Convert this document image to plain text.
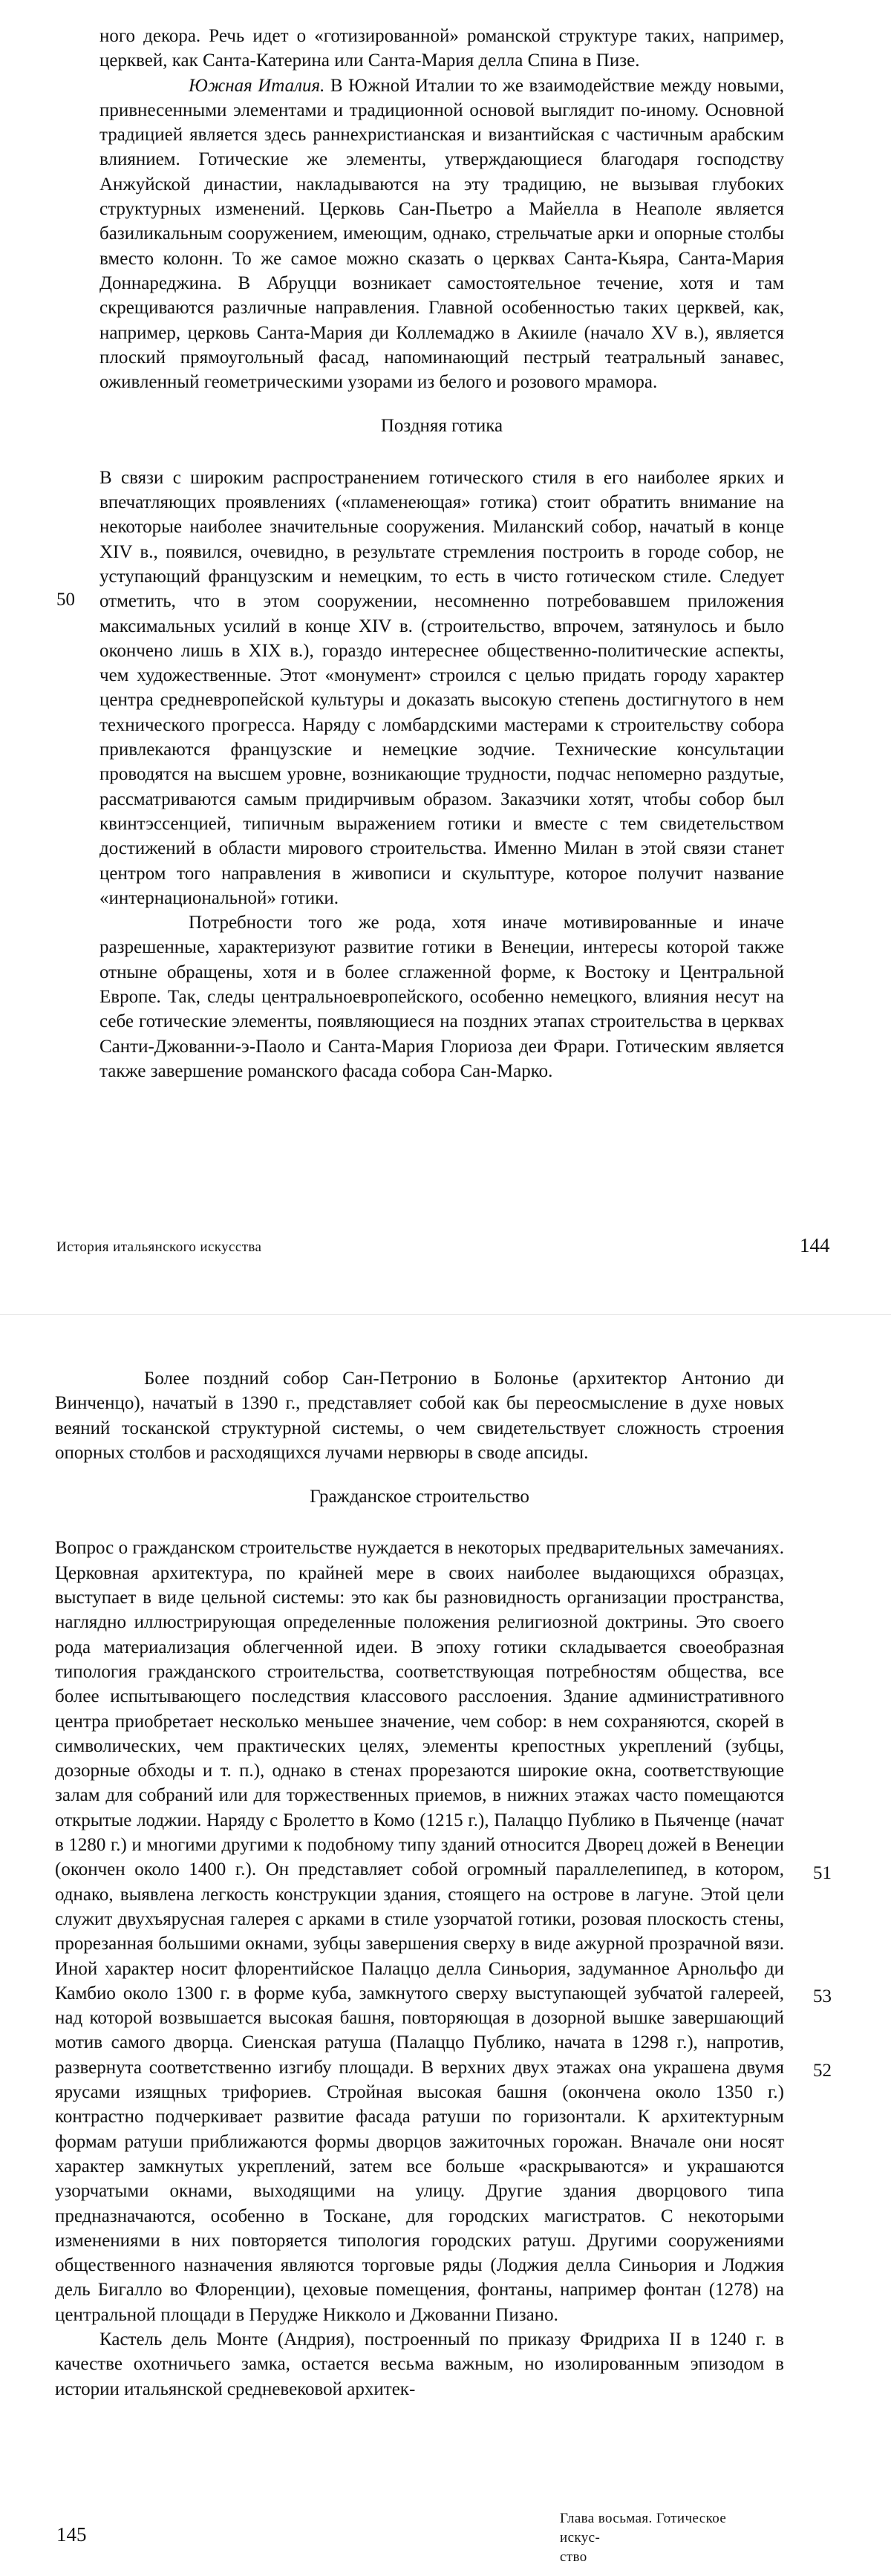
ного декора. Речь идет о «готизированной» романской структуре таких, например, церквей, как Санта-Катерина или Санта-Мария делла Спина в Пизе.

Южная Италия. В Южной Италии то же взаимодействие между новыми, привнесенными элементами и традиционной основой выглядит по-иному. Основной традицией является здесь раннехристианская и византийская с частичным арабским влиянием. Готические же элементы, утверждающиеся благодаря господству Анжуйской династии, накладываются на эту традицию, не вызывая глубоких структурных изменений. Церковь Сан-Пьетро а Майелла в Неаполе является базиликальным сооружением, имеющим, однако, стрельчатые арки и опорные столбы вместо колонн. То же самое можно сказать о церквах Санта-Кьяра, Санта-Мария Доннареджина. В Абруцци возникает самостоятельное течение, хотя и там скрещиваются различные направления. Главной особенностью таких церквей, как, например, церковь Санта-Мария ди Коллемаджо в Акииле (начало XV в.), является плоский прямоугольный фасад, напоминающий пестрый театральный занавес, оживленный геометрическими узорами из белого и розового мрамора.

Поздняя готика

В связи с широким распространением готического стиля в его наиболее ярких и впечатляющих проявлениях («пламенеющая» готика) стоит обратить внимание на некоторые наиболее значительные сооружения. Миланский собор, начатый в конце XIV в., появился, очевидно, в результате стремления построить в городе собор, не уступающий французским и немецким, то есть в чисто готическом стиле. Следует отметить, что в этом сооружении, несомненно потребовавшем приложения максимальных усилий в конце XIV в. (строительство, впрочем, затянулось и было окончено лишь в XIX в.), гораздо интереснее общественно-политические аспекты, чем художественные. Этот «монумент» строился с целью придать городу характер центра средневропейской культуры и доказать высокую степень достигнутого в нем технического прогресса. Наряду с ломбардскими мастерами к строительству собора привлекаются французские и немецкие зодчие. Технические консультации проводятся на высшем уровне, возникающие трудности, подчас непомерно раздутые, рассматриваются самым придирчивым образом. Заказчики хотят, чтобы собор был квинтэссенцией, типичным выражением готики и вместе с тем свидетельством достижений в области мирового строительства. Именно Милан в этой связи станет центром того направления в живописи и скульптуре, которое получит название «интернациональной» готики.

Потребности того же рода, хотя иначе мотивированные и иначе разрешенные, характеризуют развитие готики в Венеции, интересы которой также отныне обращены, хотя и в более сглаженной форме, к Востоку и Центральной Европе. Так, следы центральноевропейского, особенно немецкого, влияния несут на себе готические элементы, появляющиеся на поздних этапах строительства в церквах Санти-Джованни-э-Паоло и Санта-Мария Глориоза деи Фрари. Готическим является также завершение романского фасада собора Сан-Марко.

50
История итальянского искусства	144

Более поздний собор Сан-Петронио в Болонье (архитектор Антонио ди Винченцо), начатый в 1390 г., представляет собой как бы переосмысление в духе новых веяний тосканской структурной системы, о чем свидетельствует сложность строения опорных столбов и расходящихся лучами нервюры в своде апсиды.

Гражданское строительство

Вопрос о гражданском строительстве нуждается в некоторых предварительных замечаниях. Церковная архитектура, по крайней мере в своих наиболее выдающихся образцах, выступает в виде цельной системы: это как бы разновидность организации пространства, наглядно иллюстрирующая определенные положения религиозной доктрины. Это своего рода материализация облегченной идеи. В эпоху готики складывается своеобразная типология гражданского строительства, соответствующая потребностям общества, все более испытывающего последствия классового расслоения. Здание административного центра приобретает несколько меньшее значение, чем собор: в нем сохраняются, скорей в символических, чем практических целях, элементы крепостных укреплений (зубцы, дозорные обходы и т. п.), однако в стенах прорезаются широкие окна, соответствующие залам для собраний или для торжественных приемов, в нижних этажах часто помещаются открытые лоджии. Наряду с Бролетто в Комо (1215 г.), Палаццо Публико в Пьяченце (начат в 1280 г.) и многими другими к подобному типу зданий относится Дворец дожей в Венеции (окончен около 1400 г.). Он представляет собой огромный параллелепипед, в котором, однако, выявлена легкость конструкции здания, стоящего на острове в лагуне. Этой цели служит двухъярусная галерея с арками в стиле узорчатой готики, розовая плоскость стены, прорезанная большими окнами, зубцы завершения сверху в виде ажурной прозрачной вязи. Иной характер носит флорентийское Палаццо делла Синьория, задуманное Арнольфо ди Камбио около 1300 г. в форме куба, замкнутого сверху выступающей зубчатой галереей, над которой возвышается высокая башня, повторяющая в дозорной вышке завершающий мотив самого дворца. Сиенская ратуша (Палаццо Публико, начата в 1298 г.), напротив, развернута соответственно изгибу площади. В верхних двух этажах она украшена двумя ярусами изящных трифориев. Стройная высокая башня (окончена около 1350 г.) контрастно подчеркивает развитие фасада ратуши по горизонтали. К архитектурным формам ратуши приближаются формы дворцов зажиточных горожан. Вначале они носят характер замкнутых укреплений, затем все больше «раскрываются» и украшаются узорчатыми окнами, выходящими на улицу. Другие здания дворцового типа предназначаются, особенно в Тоскане, для городских магистратов. С некоторыми изменениями в них повторяется типология городских ратуш. Другими сооружениями общественного назначения являются торговые ряды (Лоджия делла Синьория и Лоджия дель Бигалло во Флоренции), цеховые помещения, фонтаны, например фонтан (1278) на центральной площади в Перудже Никколо и Джованни Пизано.

Кастель дель Монте (Андрия), построенный по приказу Фридриха II в 1240 г. в качестве охотничьего замка, остается весьма важным, но изолированным эпизодом в истории итальянской средневековой архитек-

51
53
52
145
Глава восьмая. Готическое искус-
ство
